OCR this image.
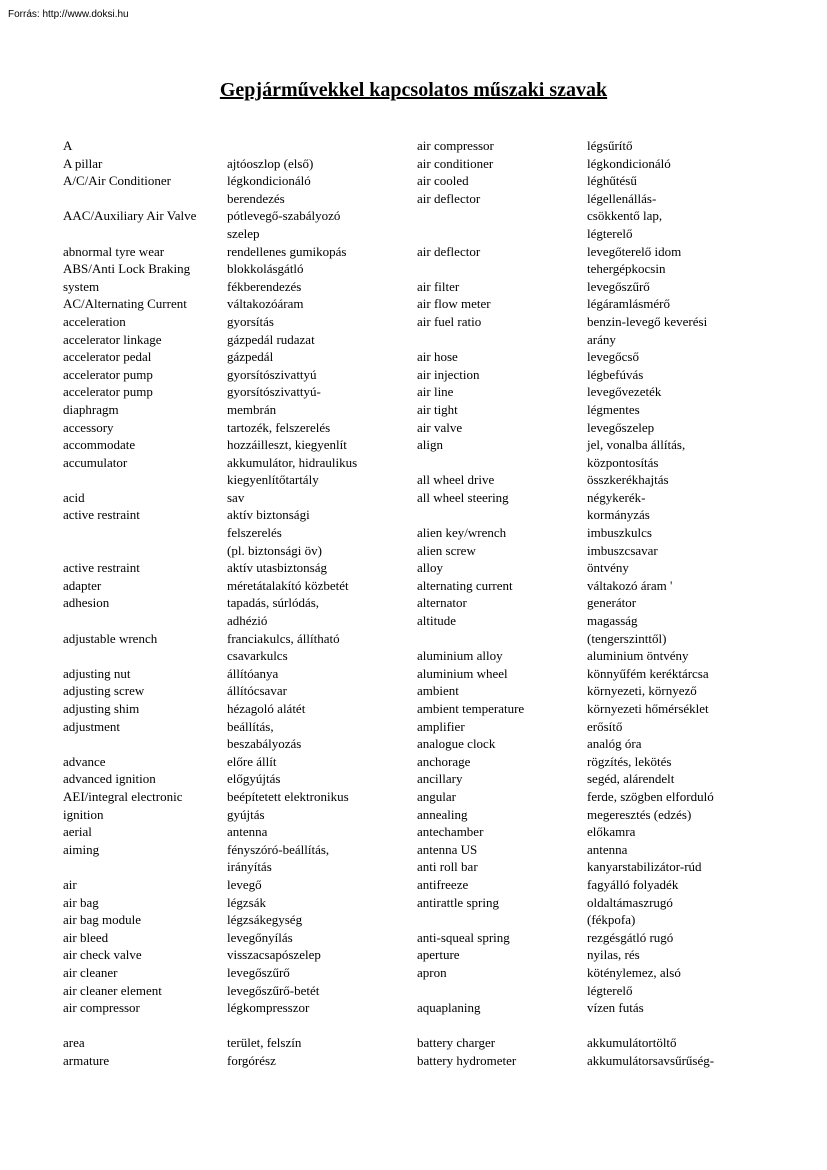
Forrás: http://www.doksi.hu
Gepjárművekkel kapcsolatos műszaki szavak
A
A pillar
A/C/Air Conditioner
AAC/Auxiliary Air Valve
abnormal tyre wear
ABS/Anti Lock Braking
system
AC/Alternating Current
acceleration
accelerator linkage
accelerator pedal
accelerator pump
accelerator pump
diaphragm
accessory
accommodate
accumulator
acid
active restraint
active restraint
adapter
adhesion
adjustable wrench
adjusting nut
adjusting screw
adjusting shim
adjustment
advance
advanced ignition
AEI/integral electronic
ignition
aerial
aiming
air
air bag
air bag module
air bleed
air check valve
air cleaner
air cleaner element
air compressor
area
armature
ajtóoszlop (első)
légkondicionáló
berendezés
pótlevegő-szabályozó
szelep
rendellenes gumikopás
blokkolásgátló
fékberendezés
váltakozóáram
gyorsítás
gázpedál rudazat
gázpedál
gyorsítószivattyú
gyorsítószivattyú-
membrán
tartozék, felszerelés
hozzáilleszt, kiegyenlít
akkumulátor, hidraulikus
kiegyenlítőtartály
sav
aktív biztonsági
felszerelés
(pl. biztonsági öv)
aktív utasbiztonság
méretátalakító közbetét
tapadás, súrlódás,
adhézió
franciakulcs, állítható
csavarkulcs
állítóanya
állítócsavar
hézagoló alátét
beállítás,
beszabályozás
előre állít
előgyújtás
beépítetett elektronikus
gyújtás
antenna
fényszóró-beállítás,
irányítás
levegő
légzsák
légzsákegység
levegőnyílás
visszacsapószelep
levegőszűrő
levegőszűrő-betét
légkompresszor
terület, felszín
forgórész
air compressor
air conditioner
air cooled
air deflector
air deflector
air filter
air flow meter
air fuel ratio
air hose
air injection
air line
air tight
air valve
align
all wheel drive
all wheel steering
alien key/wrench
alien screw
alloy
alternating current
alternator
altitude
aluminium alloy
aluminium wheel
ambient
ambient temperature
amplifier
analogue clock
anchorage
ancillary
angular
annealing
antechamber
antenna US
anti roll bar
antifreeze
antirattle spring
anti-squeal spring
aperture
apron
aquaplaning
battery charger
battery hydrometer
légsűrítő
légkondicionáló
léghűtésű
légellenállás-
csökkentő lap,
légterelő
levegőterelő idom
tehergépkocsin
levegőszűrő
légáramlásmérő
benzin-levegő keverési
arány
levegőcső
légbefúvás
levegővezeték
légmentes
levegőszelep
jel, vonalba állítás,
központosítás
összkerékhajtás
négykerék-
kormányzás
imbuszkulcs
imbuszcsavar
öntvény
váltakozó áram '
generátor
magasság
(tengerszinttől)
aluminium öntvény
könnyűfém keréktárcsa
környezeti, környező
környezeti hőmérséklet
erősítő
analóg óra
rögzítés, lekötés
segéd, alárendelt
ferde, szögben elforduló
megeresztés (edzés)
előkamra
antenna
kanyarstabilizátor-rúd
fagyálló folyadék
oldaltámaszrugó
(fékpofa)
rezgésgátló rugó
nyilas, rés
köténylemez, alsó
légterelő
vízen futás
akkumulátortöltő
akkumulátorsavsűrűség-
